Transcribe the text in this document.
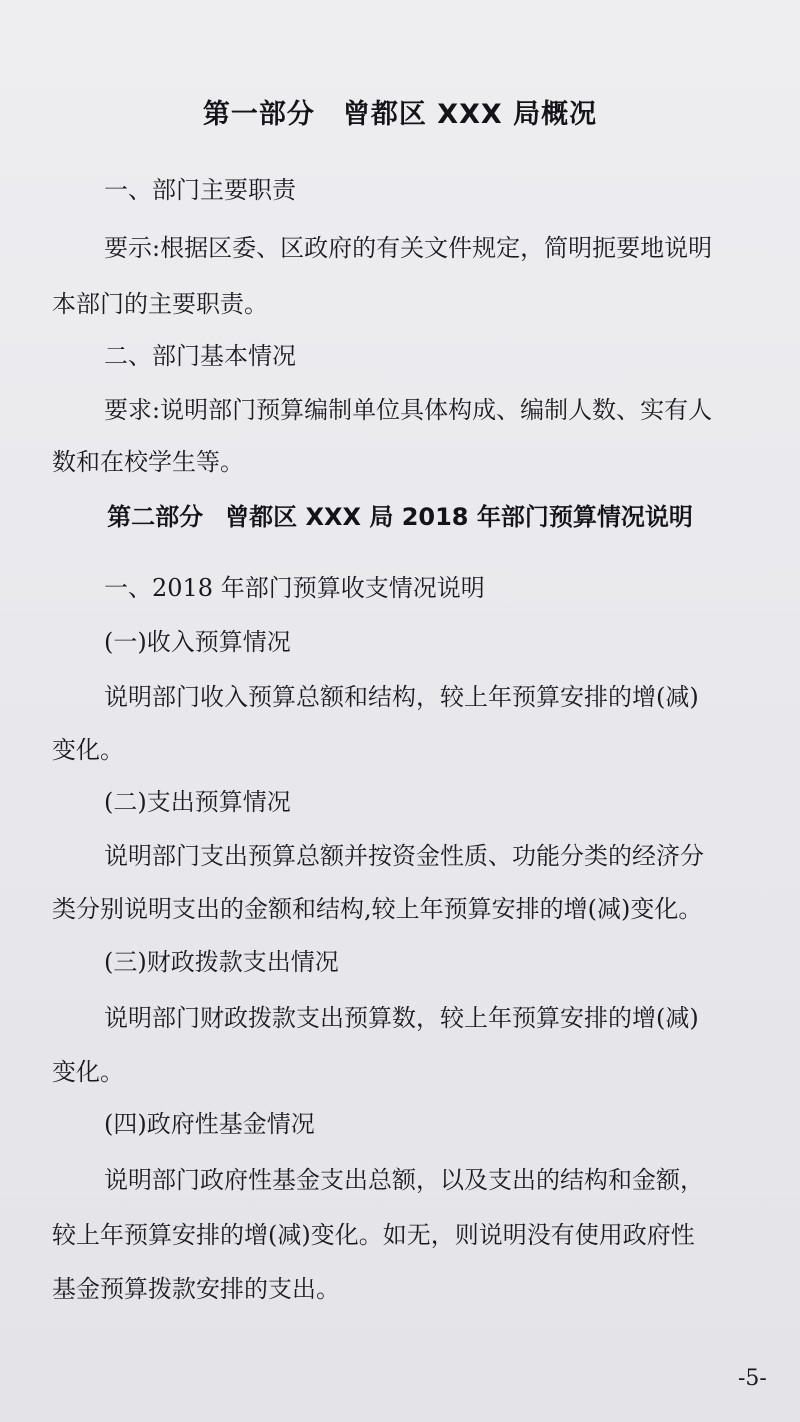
第一部分 曾都区 XXX 局概况
一、部门主要职责
要示:根据区委、区政府的有关文件规定，简明扼要地说明
本部门的主要职责。
二、部门基本情况
要求:说明部门预算编制单位具体构成、编制人数、实有人
数和在校学生等。
第二部分 曾都区 XXX 局 2018 年部门预算情况说明
一、2018 年部门预算收支情况说明
(一)收入预算情况
说明部门收入预算总额和结构，较上年预算安排的增(减)
变化。
(二)支出预算情况
说明部门支出预算总额并按资金性质、功能分类的经济分
类分别说明支出的金额和结构,较上年预算安排的增(减)变化。
(三)财政拨款支出情况
说明部门财政拨款支出预算数，较上年预算安排的增(减)
变化。
(四)政府性基金情况
说明部门政府性基金支出总额，以及支出的结构和金额，
较上年预算安排的增(减)变化。如无，则说明没有使用政府性
基金预算拨款安排的支出。
-5-
